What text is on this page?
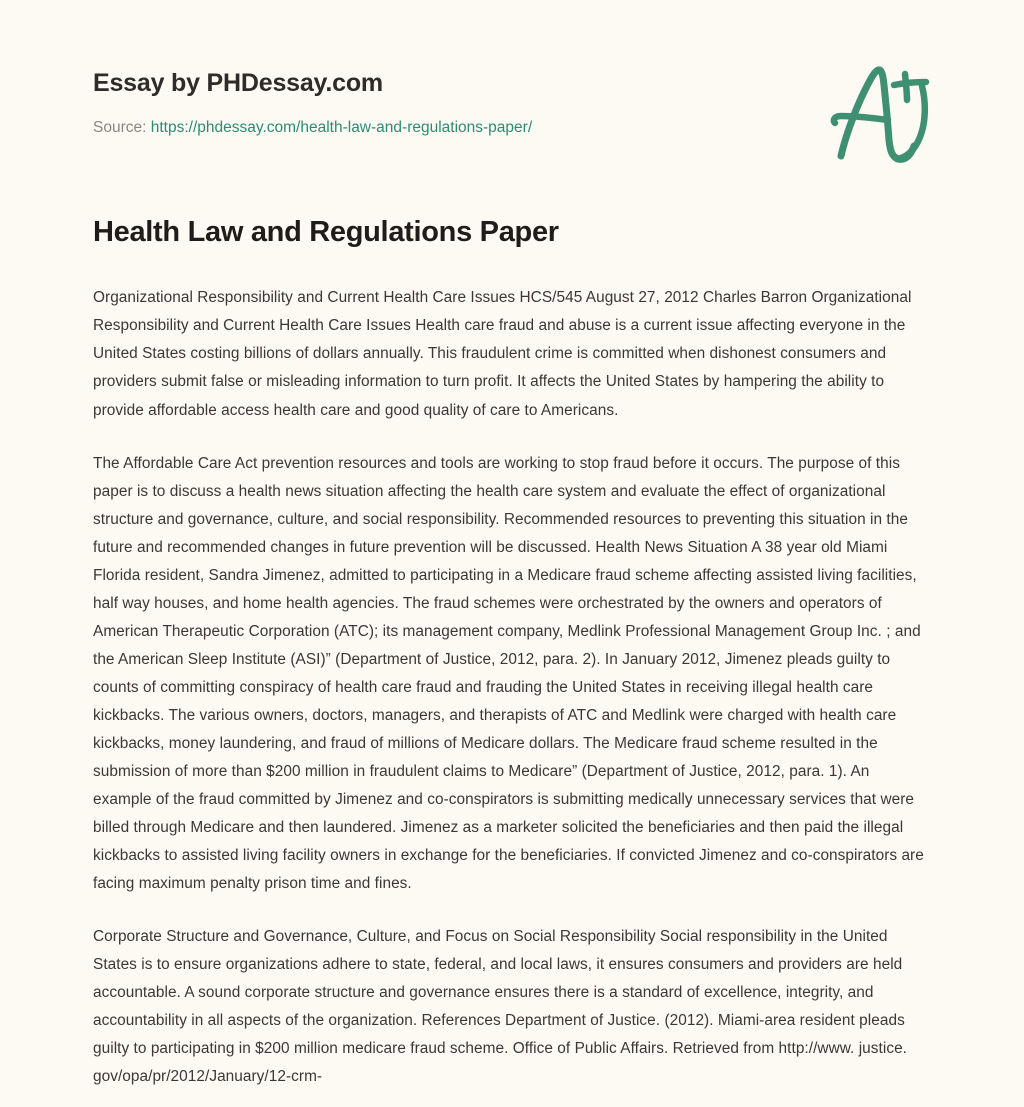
Essay by PHDessay.com
Source: https://phdessay.com/health-law-and-regulations-paper/
Health Law and Regulations Paper

Organizational Responsibility and Current Health Care Issues HCS/545 August 27, 2012 Charles Barron Organizational Responsibility and Current Health Care Issues Health care fraud and abuse is a current issue affecting everyone in the United States costing billions of dollars annually. This fraudulent crime is committed when dishonest consumers and providers submit false or misleading information to turn profit. It affects the United States by hampering the ability to provide affordable access health care and good quality of care to Americans.

The Affordable Care Act prevention resources and tools are working to stop fraud before it occurs. The purpose of this paper is to discuss a health news situation affecting the health care system and evaluate the effect of organizational structure and governance, culture, and social responsibility. Recommended resources to preventing this situation in the future and recommended changes in future prevention will be discussed. Health News Situation A 38 year old Miami Florida resident, Sandra Jimenez, admitted to participating in a Medicare fraud scheme affecting assisted living facilities, half way houses, and home health agencies. The fraud schemes were orchestrated by the owners and operators of American Therapeutic Corporation (ATC); its management company, Medlink Professional Management Group Inc. ; and the American Sleep Institute (ASI)” (Department of Justice, 2012, para. 2). In January 2012, Jimenez pleads guilty to counts of committing conspiracy of health care fraud and frauding the United States in receiving illegal health care kickbacks. The various owners, doctors, managers, and therapists of ATC and Medlink were charged with health care kickbacks, money laundering, and fraud of millions of Medicare dollars. The Medicare fraud scheme resulted in the submission of more than $200 million in fraudulent claims to Medicare” (Department of Justice, 2012, para. 1). An example of the fraud committed by Jimenez and co-conspirators is submitting medically unnecessary services that were billed through Medicare and then laundered. Jimenez as a marketer solicited the beneficiaries and then paid the illegal kickbacks to assisted living facility owners in exchange for the beneficiaries. If convicted Jimenez and co-conspirators are facing maximum penalty prison time and fines.

Corporate Structure and Governance, Culture, and Focus on Social Responsibility Social responsibility in the United States is to ensure organizations adhere to state, federal, and local laws, it ensures consumers and providers are held accountable. A sound corporate structure and governance ensures there is a standard of excellence, integrity, and accountability in all aspects of the organization. References Department of Justice. (2012). Miami-area resident pleads guilty to participating in $200 million medicare fraud scheme. Office of Public Affairs. Retrieved from http://www. justice. gov/opa/pr/2012/January/12-crm-
